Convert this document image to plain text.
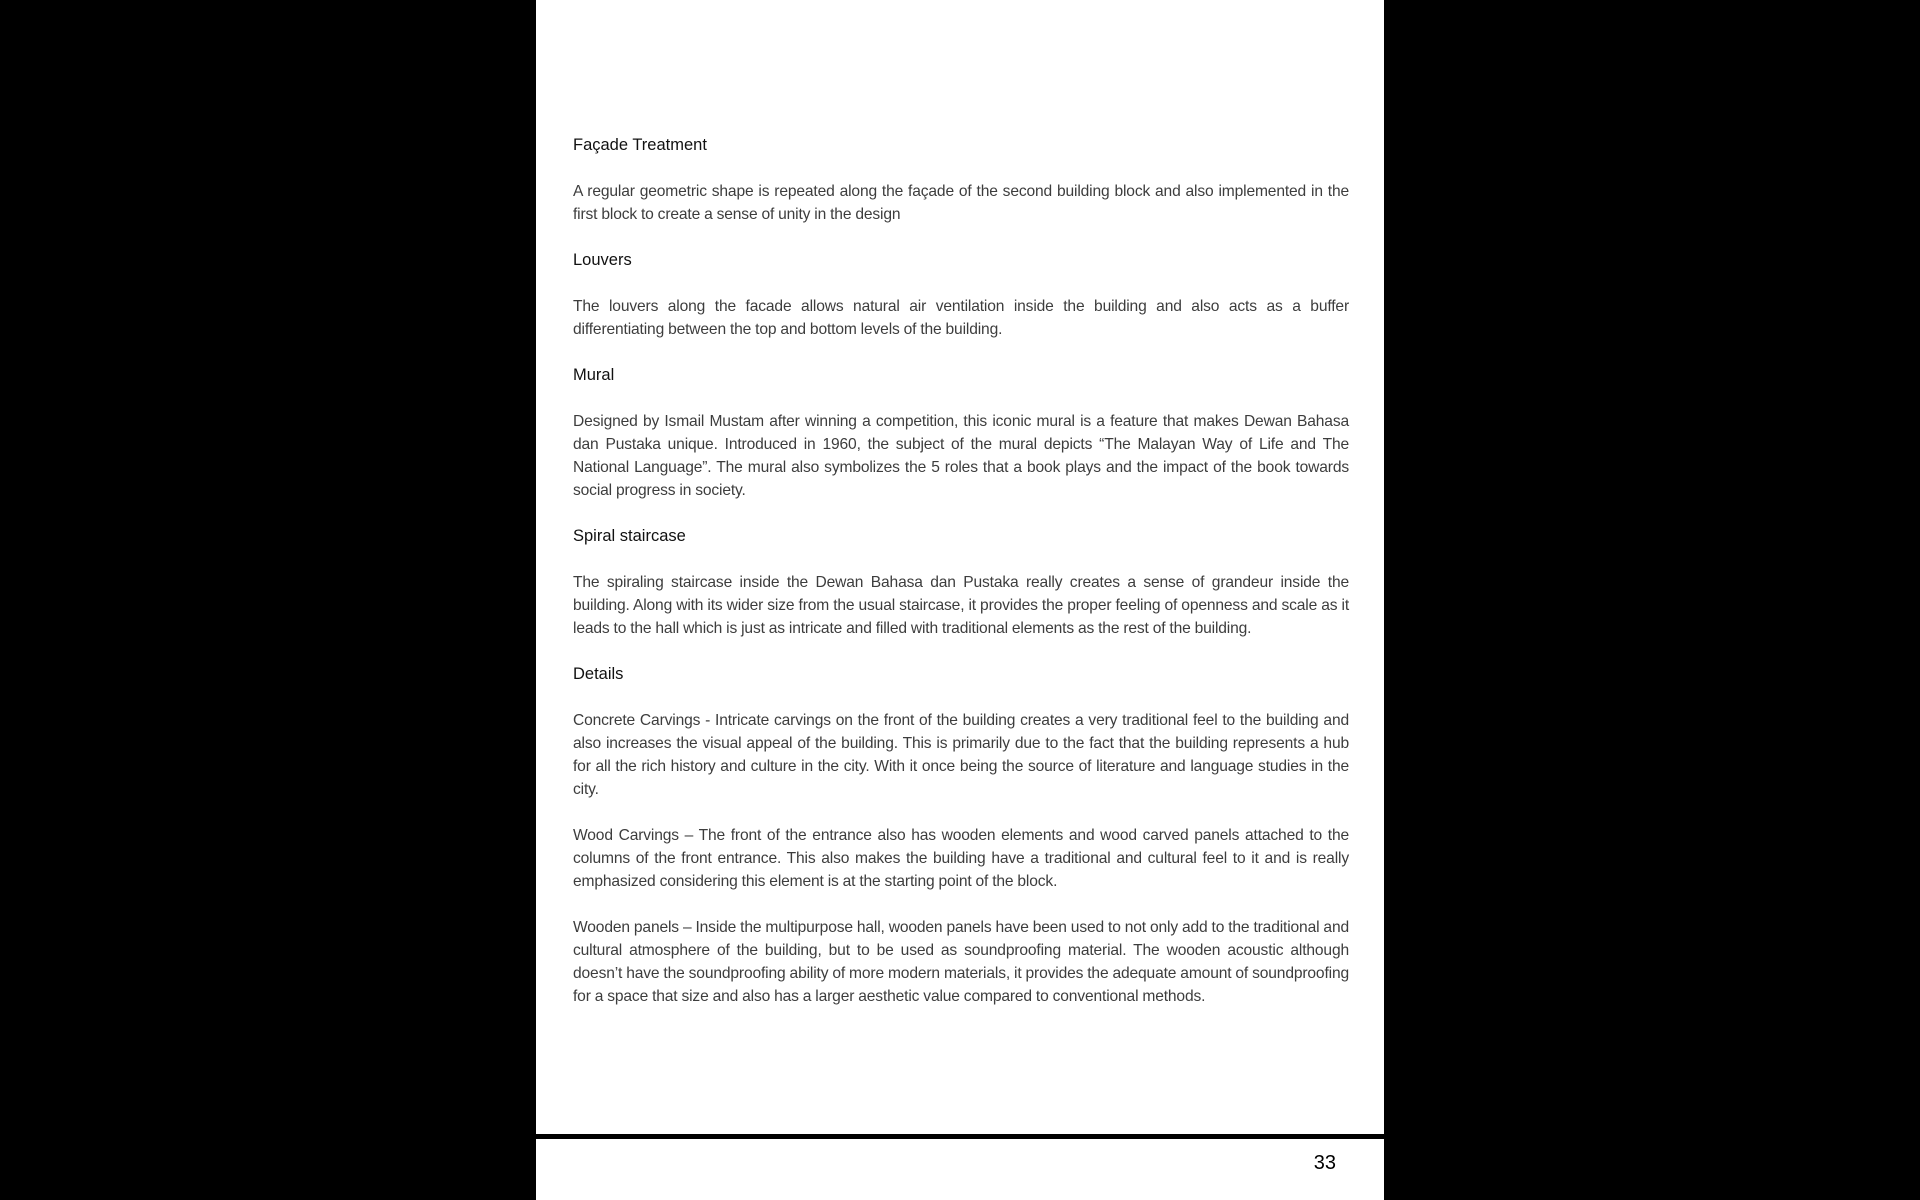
Façade Treatment

A regular geometric shape is repeated along the façade of the second building block and also implemented in the first block to create a sense of unity in the design

Louvers

The louvers along the facade allows natural air ventilation inside the building and also acts as a buffer differentiating between the top and bottom levels of the building.

Mural

Designed by Ismail Mustam after winning a competition, this iconic mural is a feature that makes Dewan Bahasa dan Pustaka unique. Introduced in 1960, the subject of the mural depicts “The Malayan Way of Life and The National Language”. The mural also symbolizes the 5 roles that a book plays and the impact of the book towards social progress in society.

Spiral staircase

The spiraling staircase inside the Dewan Bahasa dan Pustaka really creates a sense of grandeur inside the building. Along with its wider size from the usual staircase, it provides the proper feeling of openness and scale as it leads to the hall which is just as intricate and filled with traditional elements as the rest of the building.

Details

Concrete Carvings - Intricate carvings on the front of the building creates a very traditional feel to the building and also increases the visual appeal of the building. This is primarily due to the fact that the building represents a hub for all the rich history and culture in the city. With it once being the source of literature and language studies in the city.

Wood Carvings – The front of the entrance also has wooden elements and wood carved panels attached to the columns of the front entrance. This also makes the building have a traditional and cultural feel to it and is really emphasized considering this element is at the starting point of the block.

Wooden panels – Inside the multipurpose hall, wooden panels have been used to not only add to the traditional and cultural atmosphere of the building, but to be used as soundproofing material. The wooden acoustic although doesn’t have the soundproofing ability of more modern materials, it provides the adequate amount of soundproofing for a space that size and also has a larger aesthetic value compared to conventional methods.

33
